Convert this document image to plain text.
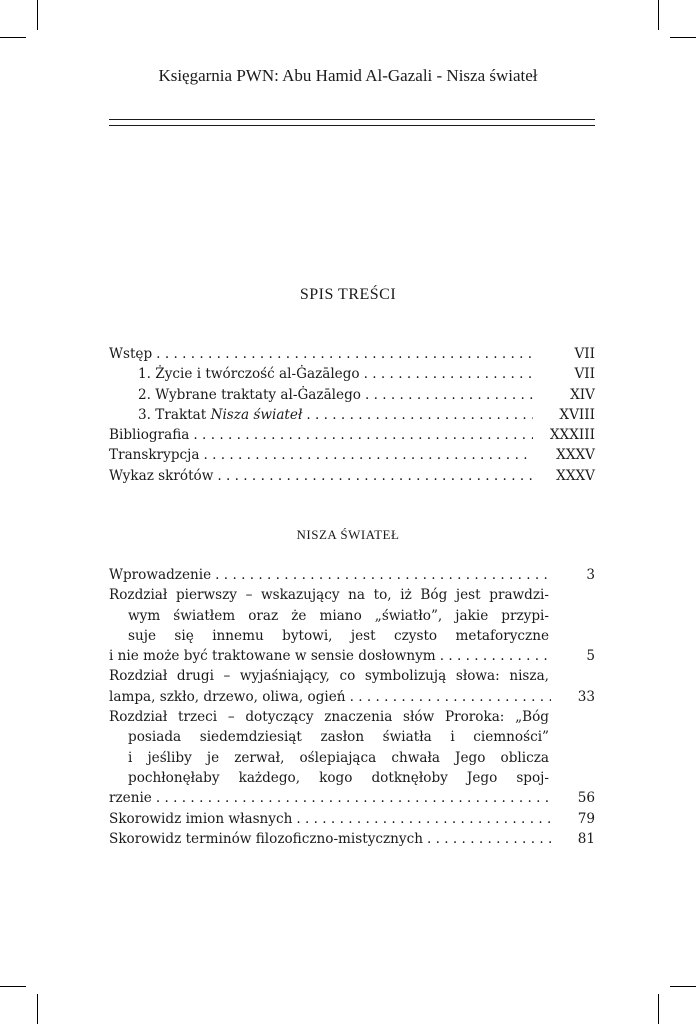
Księgarnia PWN: Abu Hamid Al-Gazali - Nisza świateł
SPIS TREŚCI
Wstęp . . .	VII
1. Życie i twórczość al-Ġazālego . . .	VII
2. Wybrane traktaty al-Ġazālego . . .	XIV
3. Traktat Nisza świateł . . .	XVIII
Bibliografia . . .	XXXIII
Transkrypcja . . .	XXXV
Wykaz skrótów . . .	XXXV
NISZA ŚWIATEŁ
Wprowadzenie . . .	3
Rozdział pierwszy – wskazujący na to, iż Bóg jest prawdzi-
wym światłem oraz że miano „światło”, jakie przypi-
suje się innemu bytowi, jest czysto metaforyczne
i nie może być traktowane w sensie dosłownym . . .	5
Rozdział drugi – wyjaśniający, co symbolizują słowa: nisza,
lampa, szkło, drzewo, oliwa, ogień . . .	33
Rozdział trzeci – dotyczący znaczenia słów Proroka: „Bóg
posiada siedemdziesiąt zasłon światła i ciemności”
i jeśliby je zerwał, oślepiająca chwała Jego oblicza
pochłonęłaby każdego, kogo dotknęłoby Jego spoj-
rzenie . . .	56
Skorowidz imion własnych . . .	79
Skorowidz terminów filozoficzno-mistycznych . . .	81
